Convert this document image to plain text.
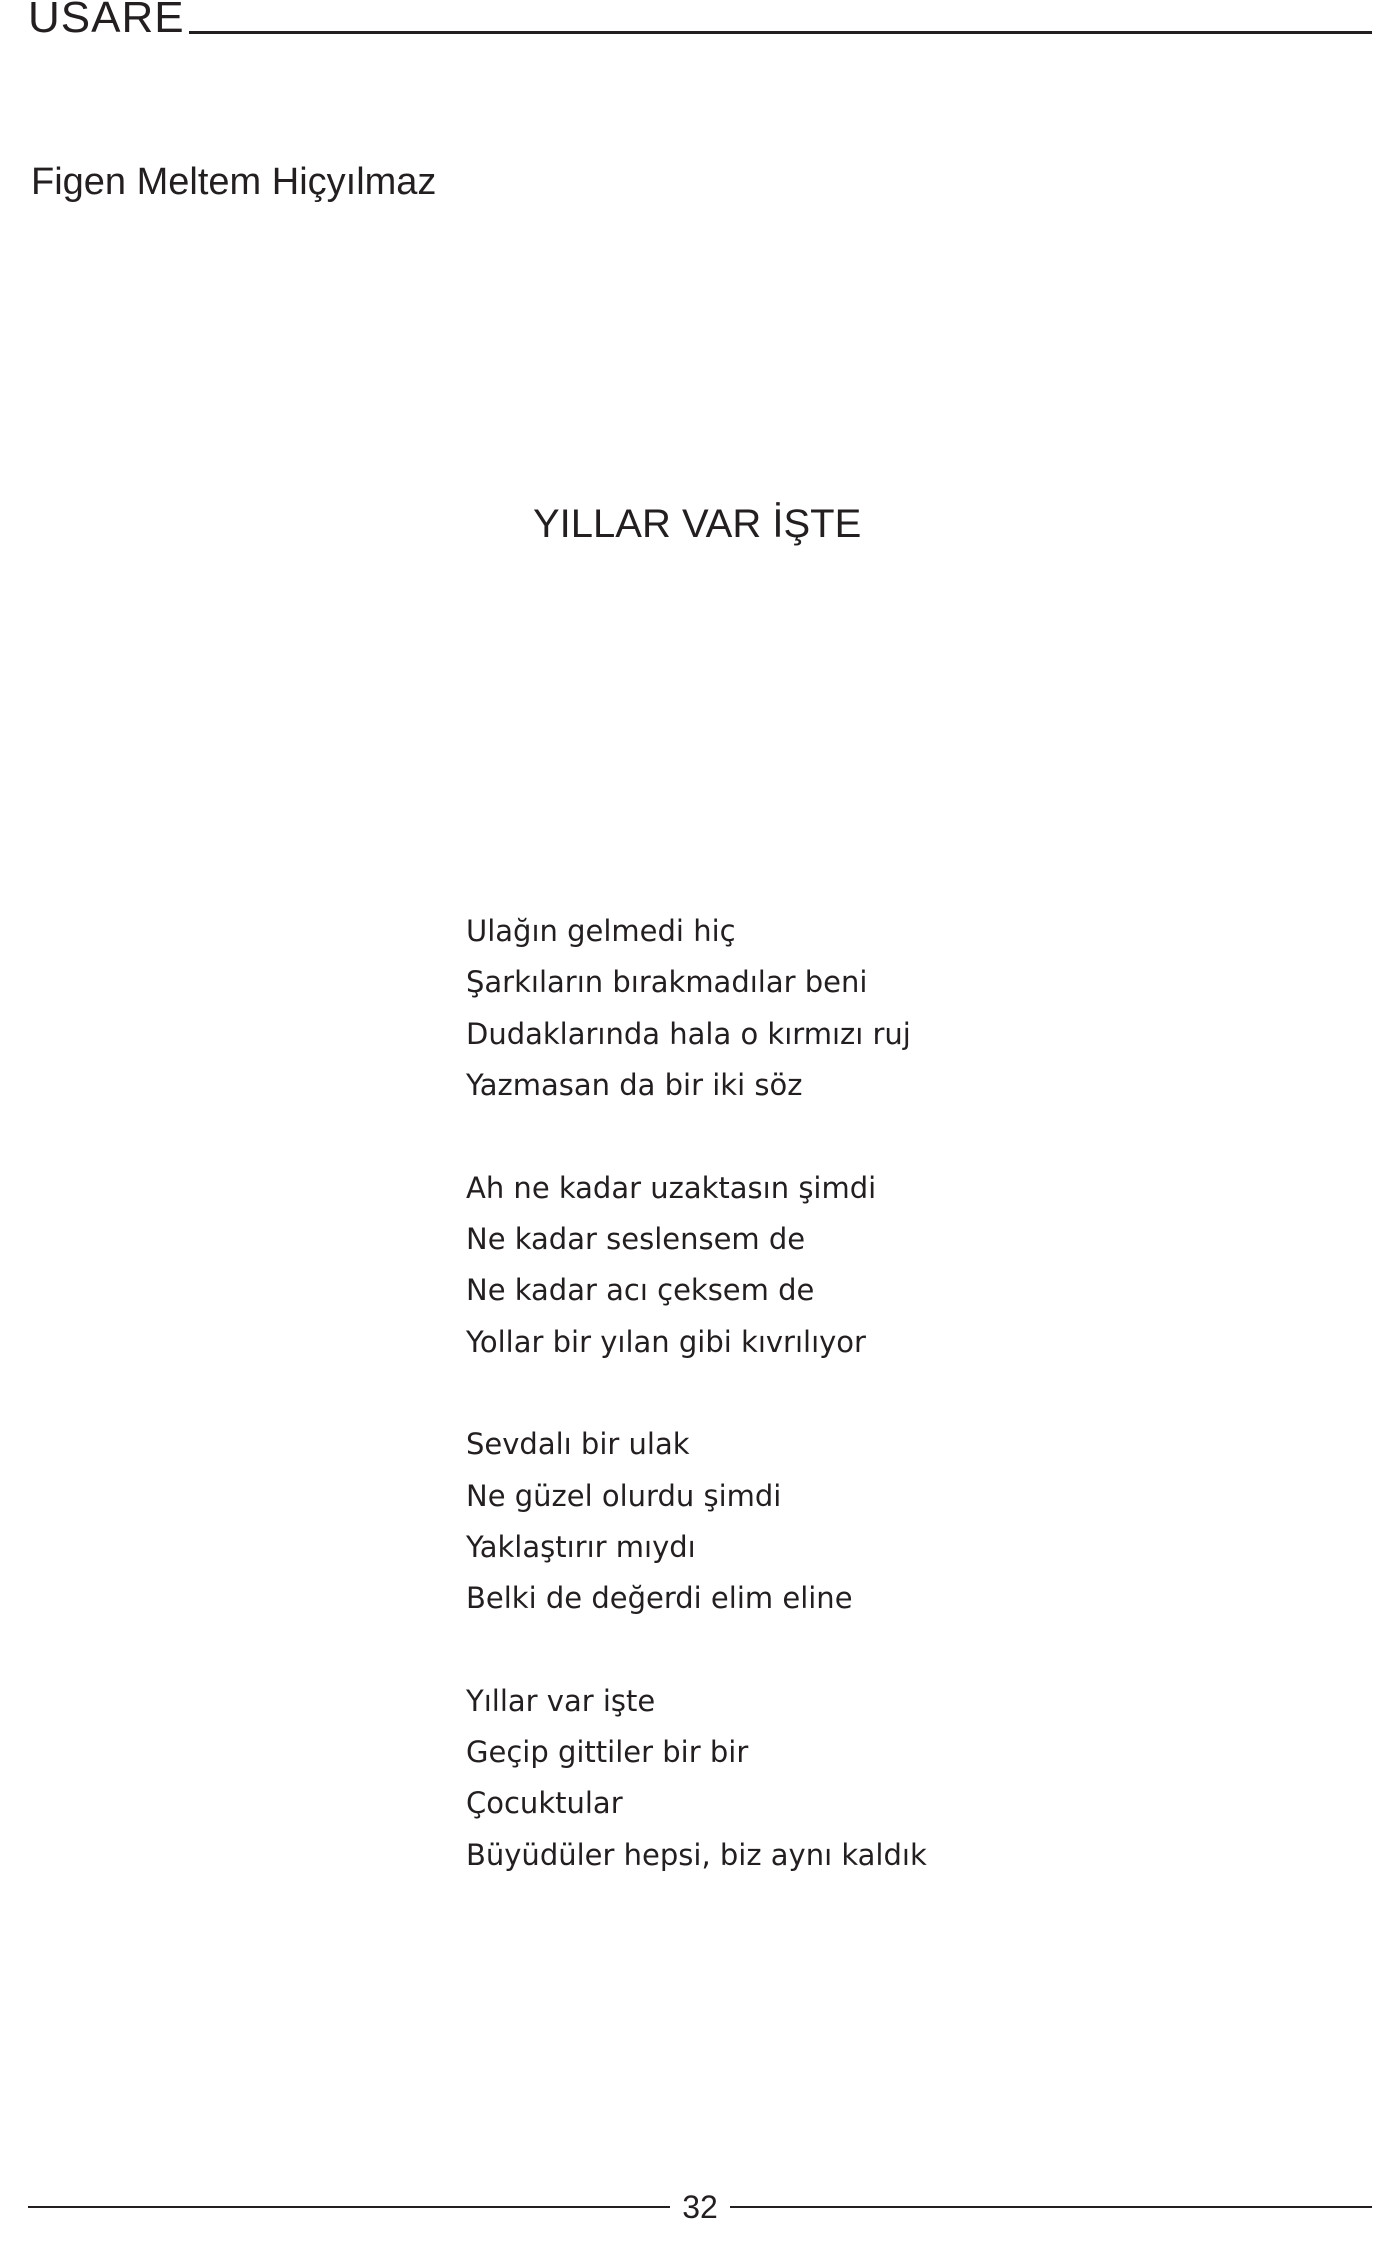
USARE
Figen Meltem Hiçyılmaz
YILLAR VAR İŞTE
Ulağın gelmedi hiç
Şarkıların bırakmadılar beni
Dudaklarında hala o kırmızı ruj
Yazmasan da bir iki söz
Ah ne kadar uzaktasın şimdi
Ne kadar seslensem de
Ne kadar acı çeksem de
Yollar bir yılan gibi kıvrılıyor
Sevdalı bir ulak
Ne güzel olurdu şimdi
Yaklaştırır mıydı
Belki de değerdi elim eline
Yıllar var işte
Geçip gittiler bir bir
Çocuktular
Büyüdüler hepsi, biz aynı kaldık
32
